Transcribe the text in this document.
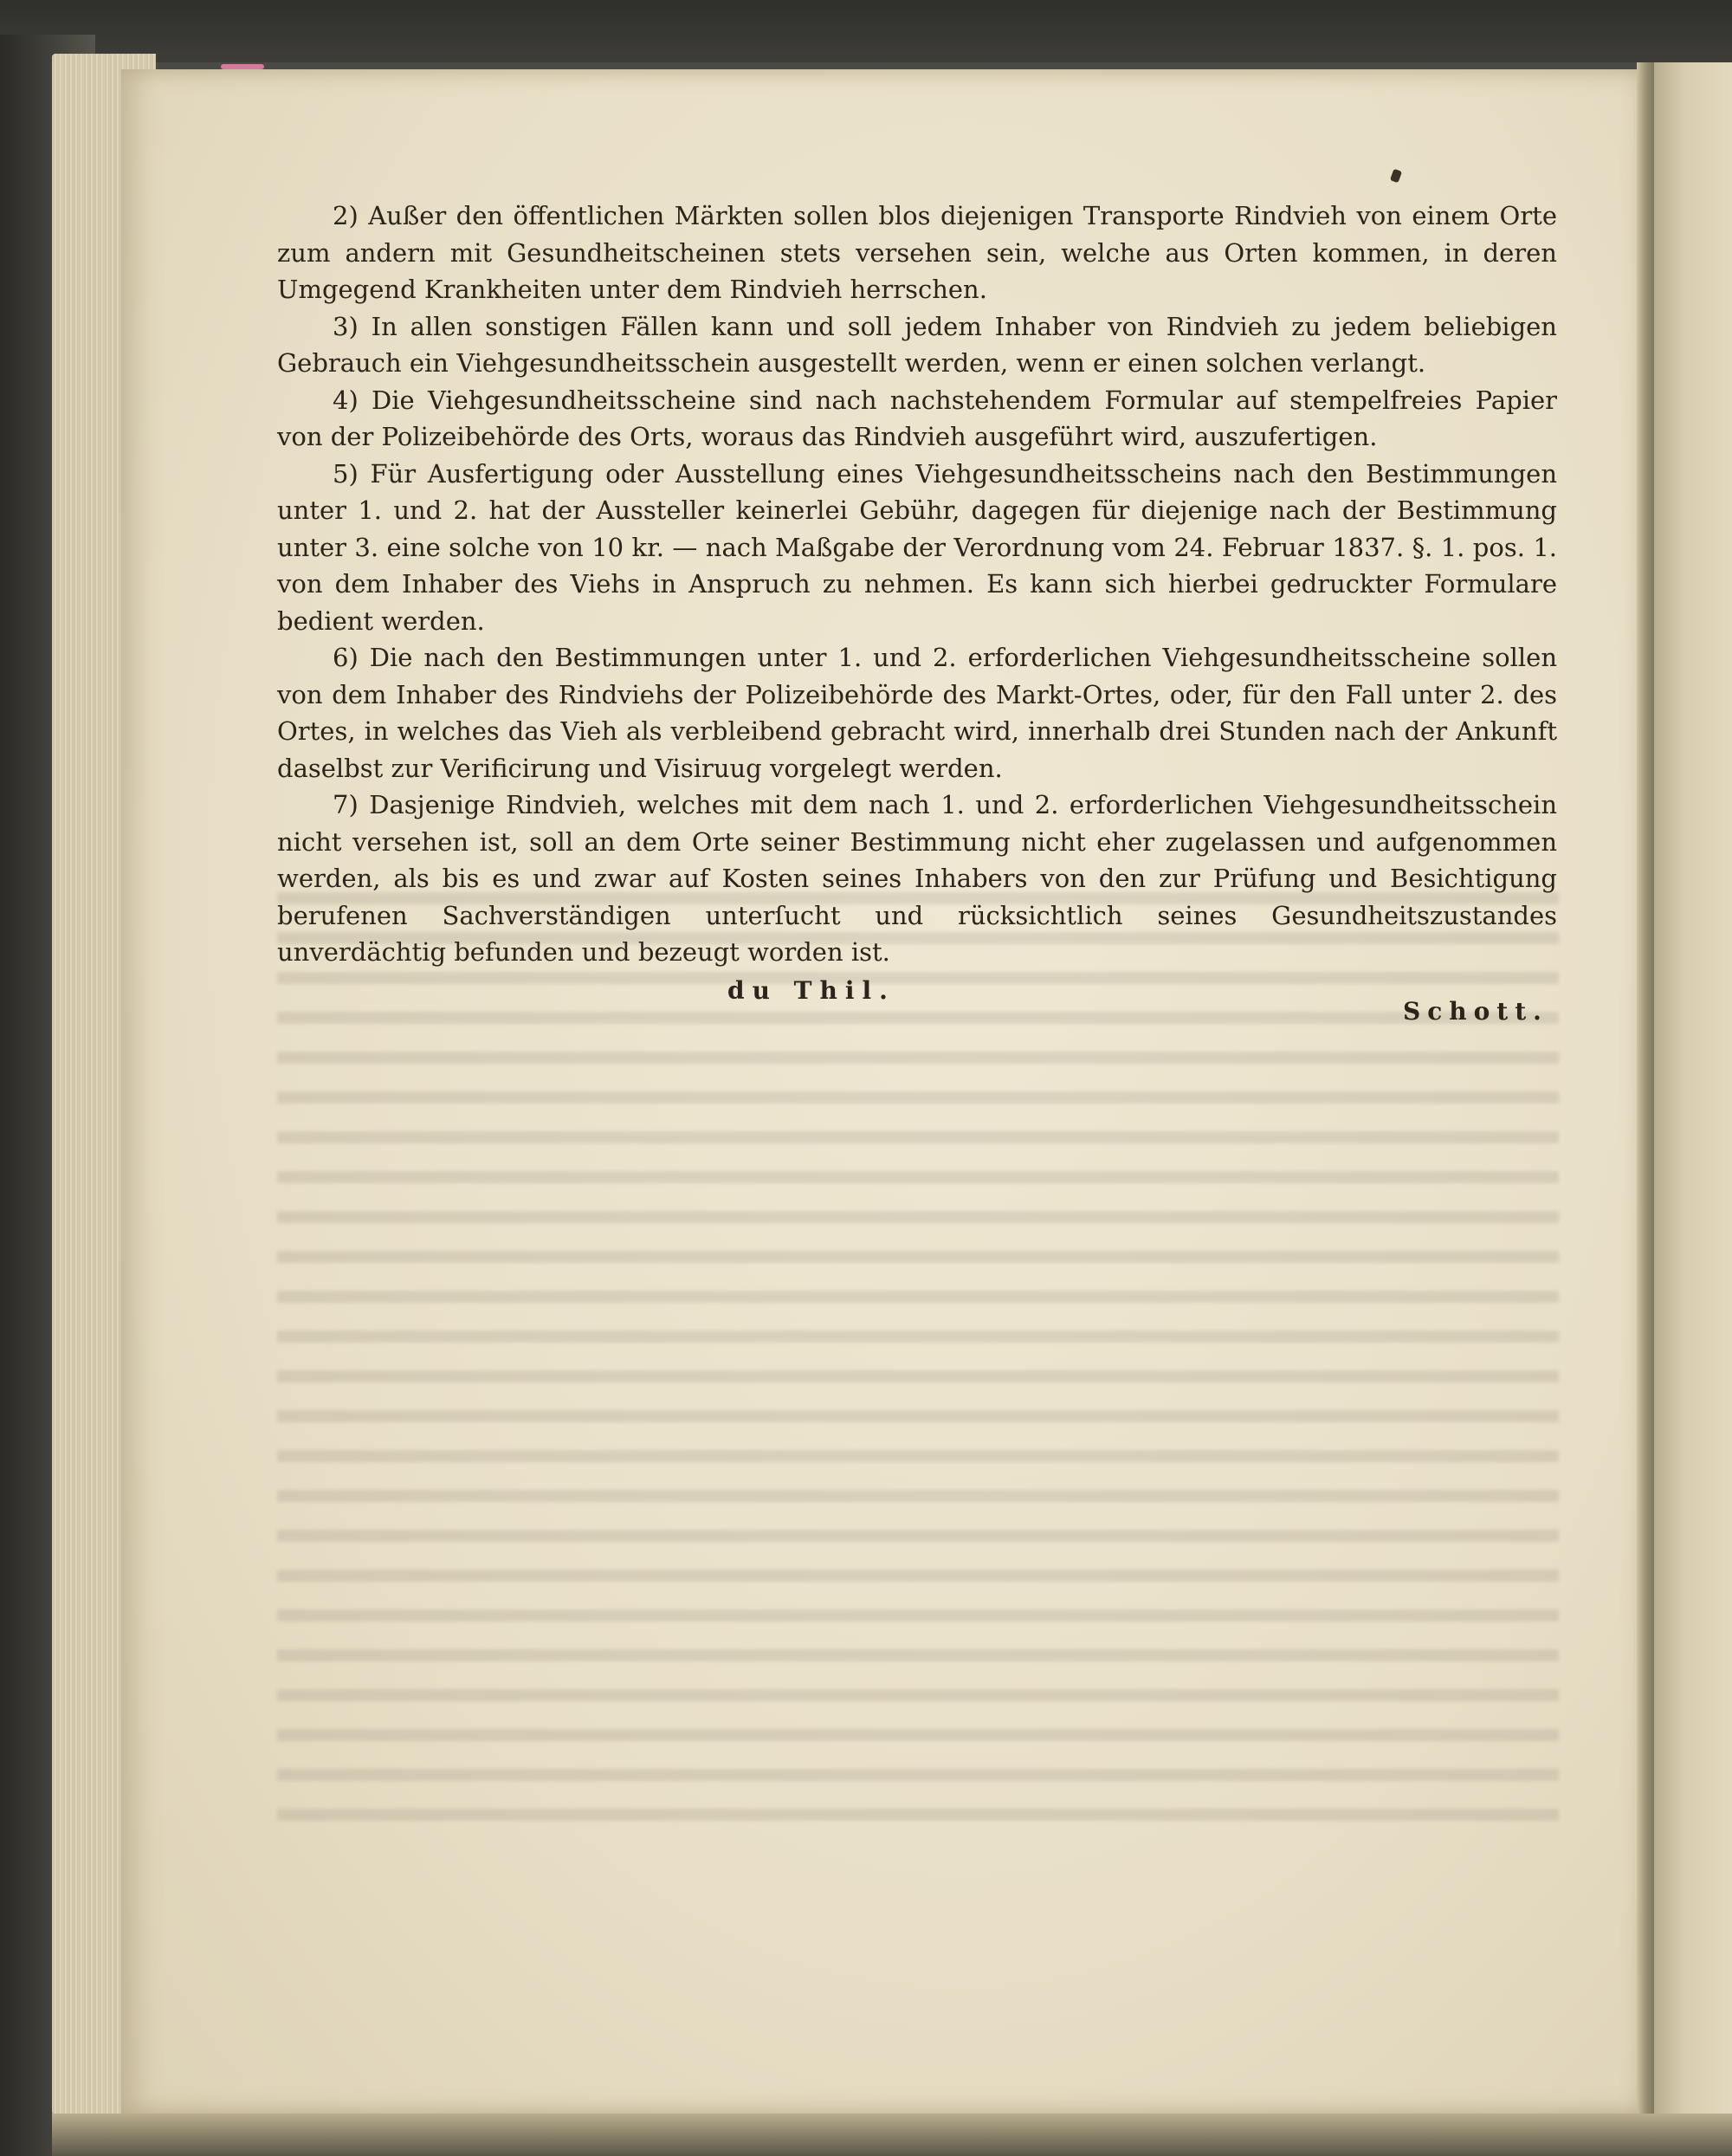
2) Außer den öffentlichen Märkten sollen blos diejenigen Transporte Rindvieh von einem Orte zum andern mit Gesundheitscheinen stets versehen sein, welche aus Orten kommen, in deren Umgegend Krankheiten unter dem Rindvieh herrschen.

3) In allen sonstigen Fällen kann und soll jedem Inhaber von Rindvieh zu jedem beliebigen Gebrauch ein Viehgesundheitsschein ausgestellt werden, wenn er einen solchen verlangt.

4) Die Viehgesundheitsscheine sind nach nachstehendem Formular auf stempelfreies Papier von der Polizeibehörde des Orts, woraus das Rindvieh ausgeführt wird, auszufertigen.

5) Für Ausfertigung oder Ausstellung eines Viehgesundheitsscheins nach den Bestimmungen unter 1. und 2. hat der Aussteller keinerlei Gebühr, dagegen für diejenige nach der Bestimmung unter 3. eine solche von 10 kr. — nach Maßgabe der Verordnung vom 24. Februar 1837. §. 1. pos. 1. von dem Inhaber des Viehs in Anspruch zu nehmen. Es kann sich hierbei gedruckter Formulare bedient werden.

6) Die nach den Bestimmungen unter 1. und 2. erforderlichen Viehgesundheitsscheine sollen von dem Inhaber des Rindviehs der Polizeibehörde des Markt-Ortes, oder, für den Fall unter 2. des Ortes, in welches das Vieh als verbleibend gebracht wird, innerhalb drei Stunden nach der Ankunft daselbst zur Verificirung und Visiruug vorgelegt werden.

7) Dasjenige Rindvieh, welches mit dem nach 1. und 2. erforderlichen Viehgesundheitsschein nicht versehen ist, soll an dem Orte seiner Bestimmung nicht eher zugelassen und aufgenommen werden, als bis es und zwar auf Kosten seines Inhabers von den zur Prüfung und Besichtigung berufenen Sachverständigen unterſucht und rücksichtlich seines Gesundheitszustandes unverdächtig befunden und bezeugt worden ist.

du Thil.
Schott.
